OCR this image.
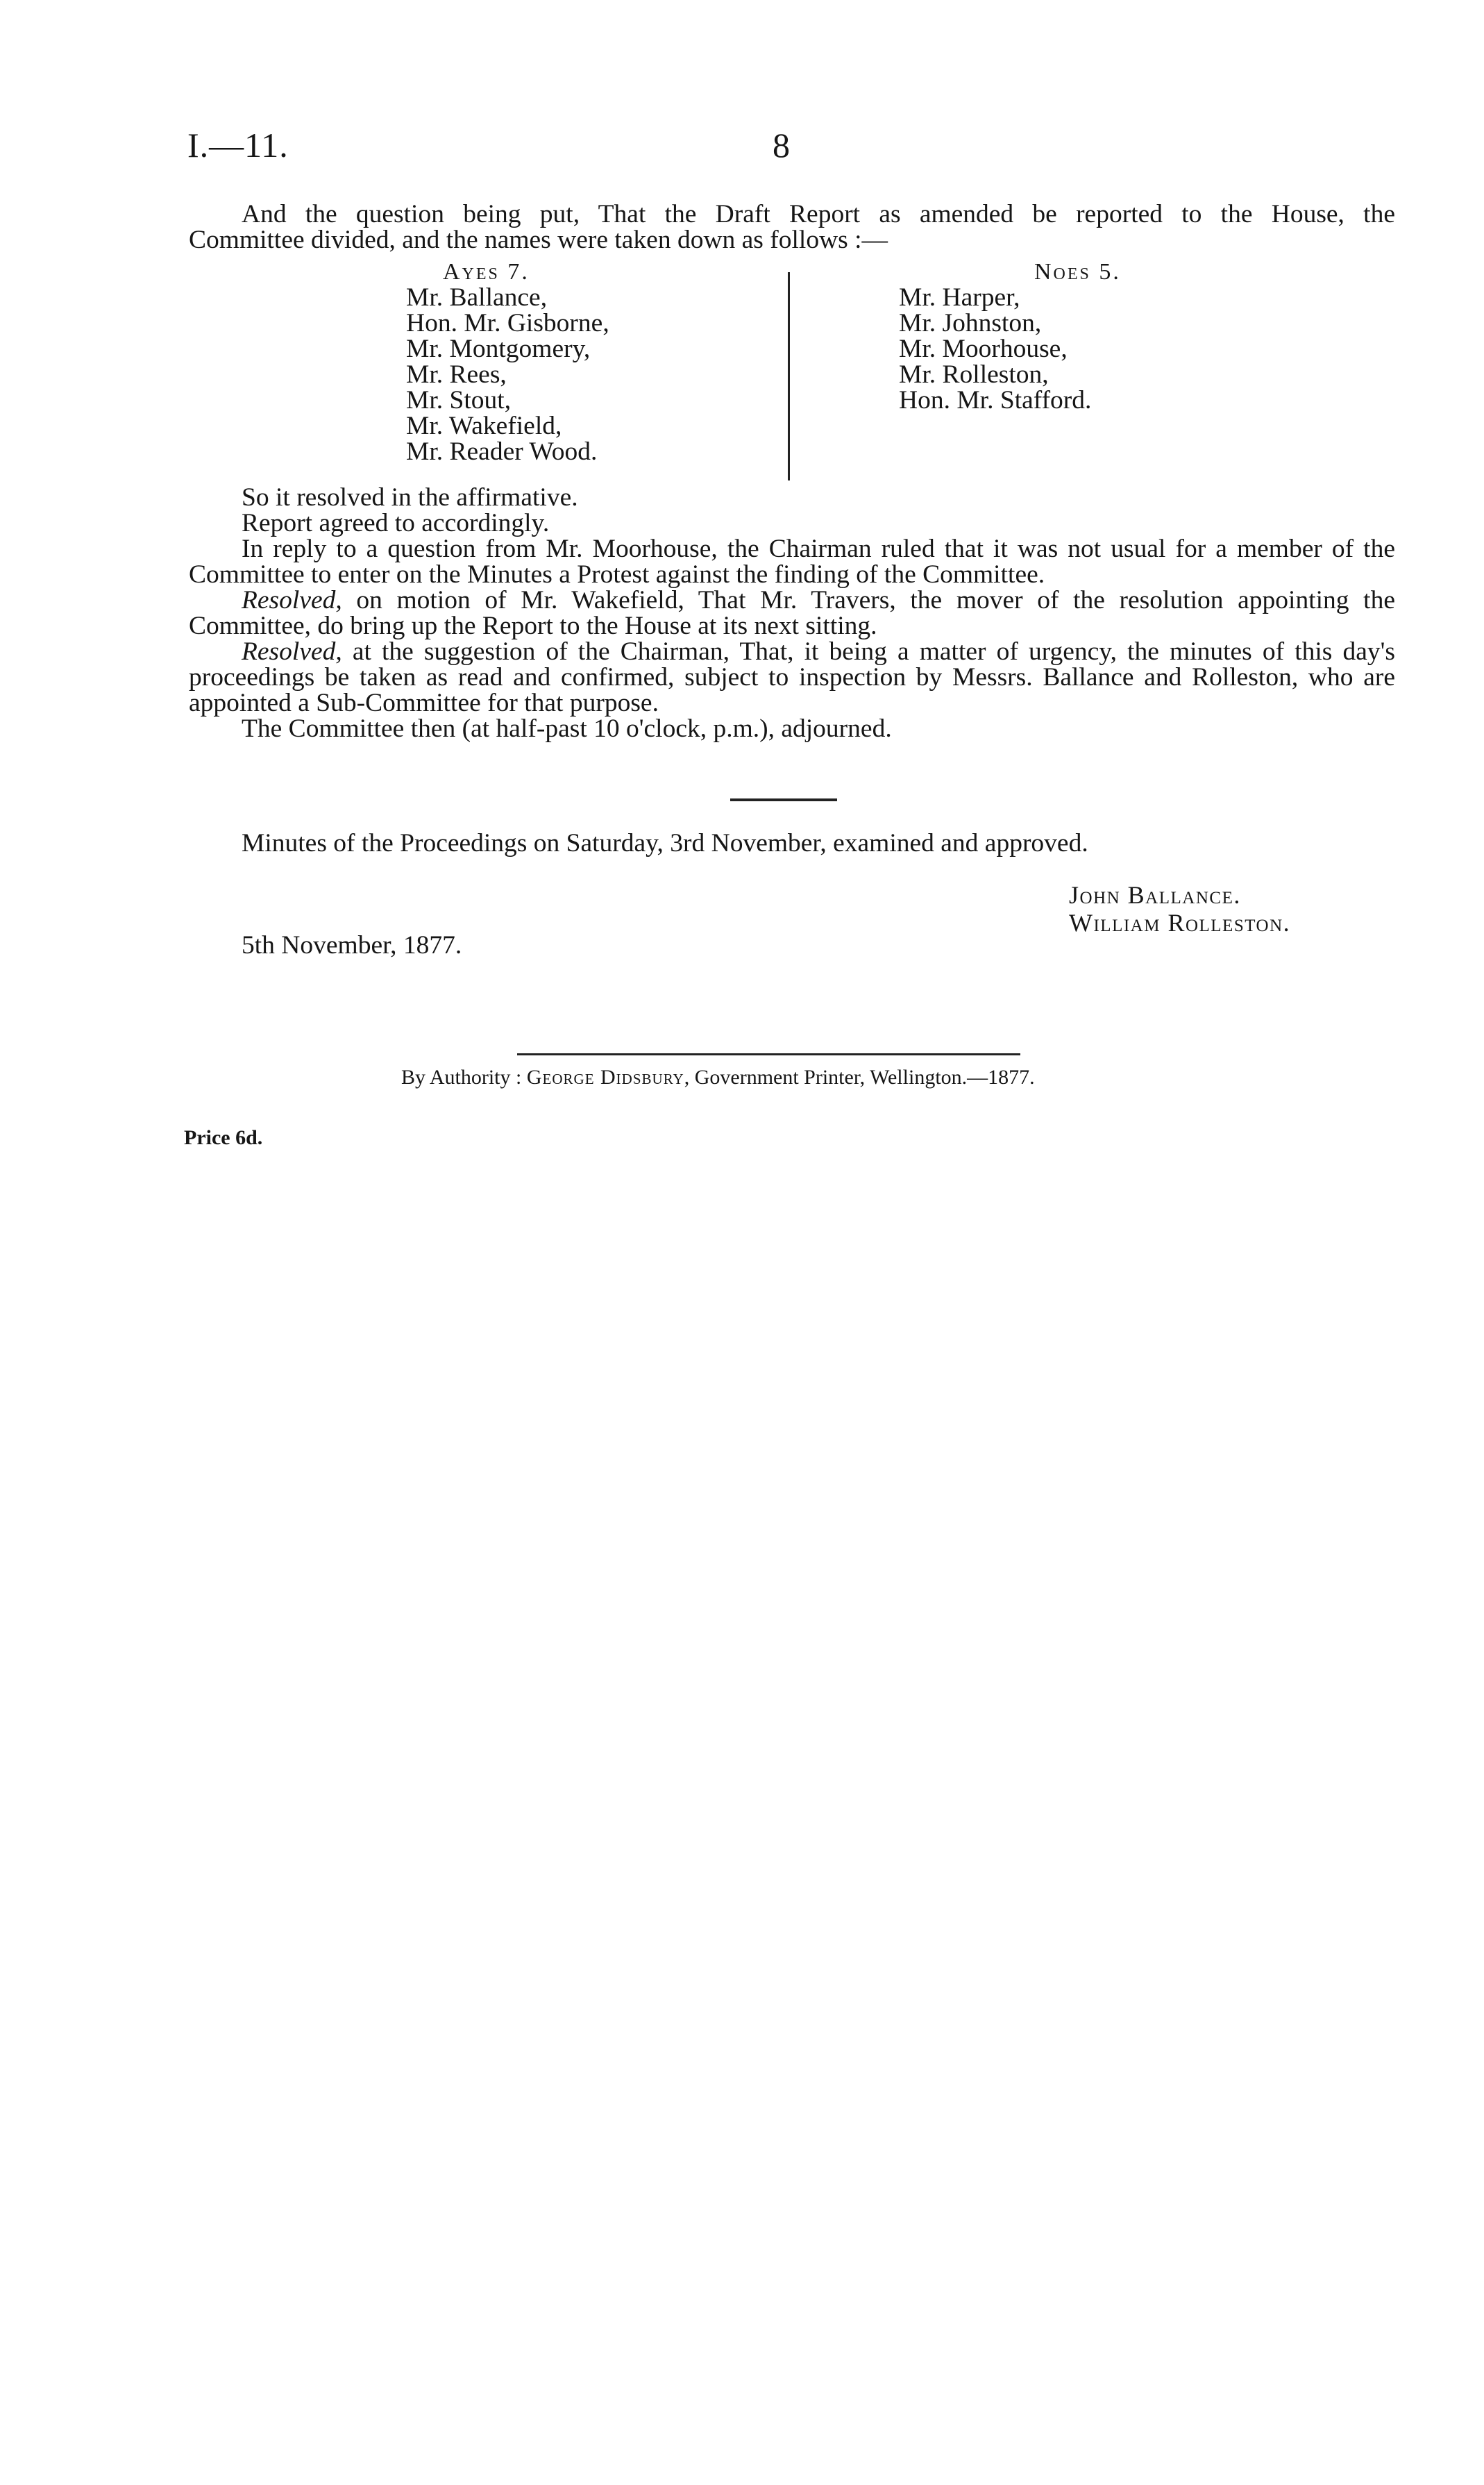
I.—11.	8
And the question being put, That the Draft Report as amended be reported to the House, the
Committee divided, and the names were taken down as follows :—
Ayes 7.
Mr. Ballance,
Hon. Mr. Gisborne,
Mr. Montgomery,
Mr. Rees,
Mr. Stout,
Mr. Wakefield,
Mr. Reader Wood.
Noes 5.
Mr. Harper,
Mr. Johnston,
Mr. Moorhouse,
Mr. Rolleston,
Hon. Mr. Stafford.
So it resolved in the affirmative.
Report agreed to accordingly.
In reply to a question from Mr. Moorhouse, the Chairman ruled that it was not usual for a member of the Committee to enter on the Minutes a Protest against the finding of the Committee.
Resolved, on motion of Mr. Wakefield, That Mr. Travers, the mover of the resolution appointing the Committee, do bring up the Report to the House at its next sitting.
Resolved, at the suggestion of the Chairman, That, it being a matter of urgency, the minutes of this day's proceedings be taken as read and confirmed, subject to inspection by Messrs. Ballance and Rolleston, who are appointed a Sub-Committee for that purpose.
The Committee then (at half-past 10 o'clock, p.m.), adjourned.
Minutes of the Proceedings on Saturday, 3rd November, examined and approved.
John Ballance.
William Rolleston.
5th November, 1877.
By Authority : George Didsbury, Government Printer, Wellington.—1877.
Price 6d.
